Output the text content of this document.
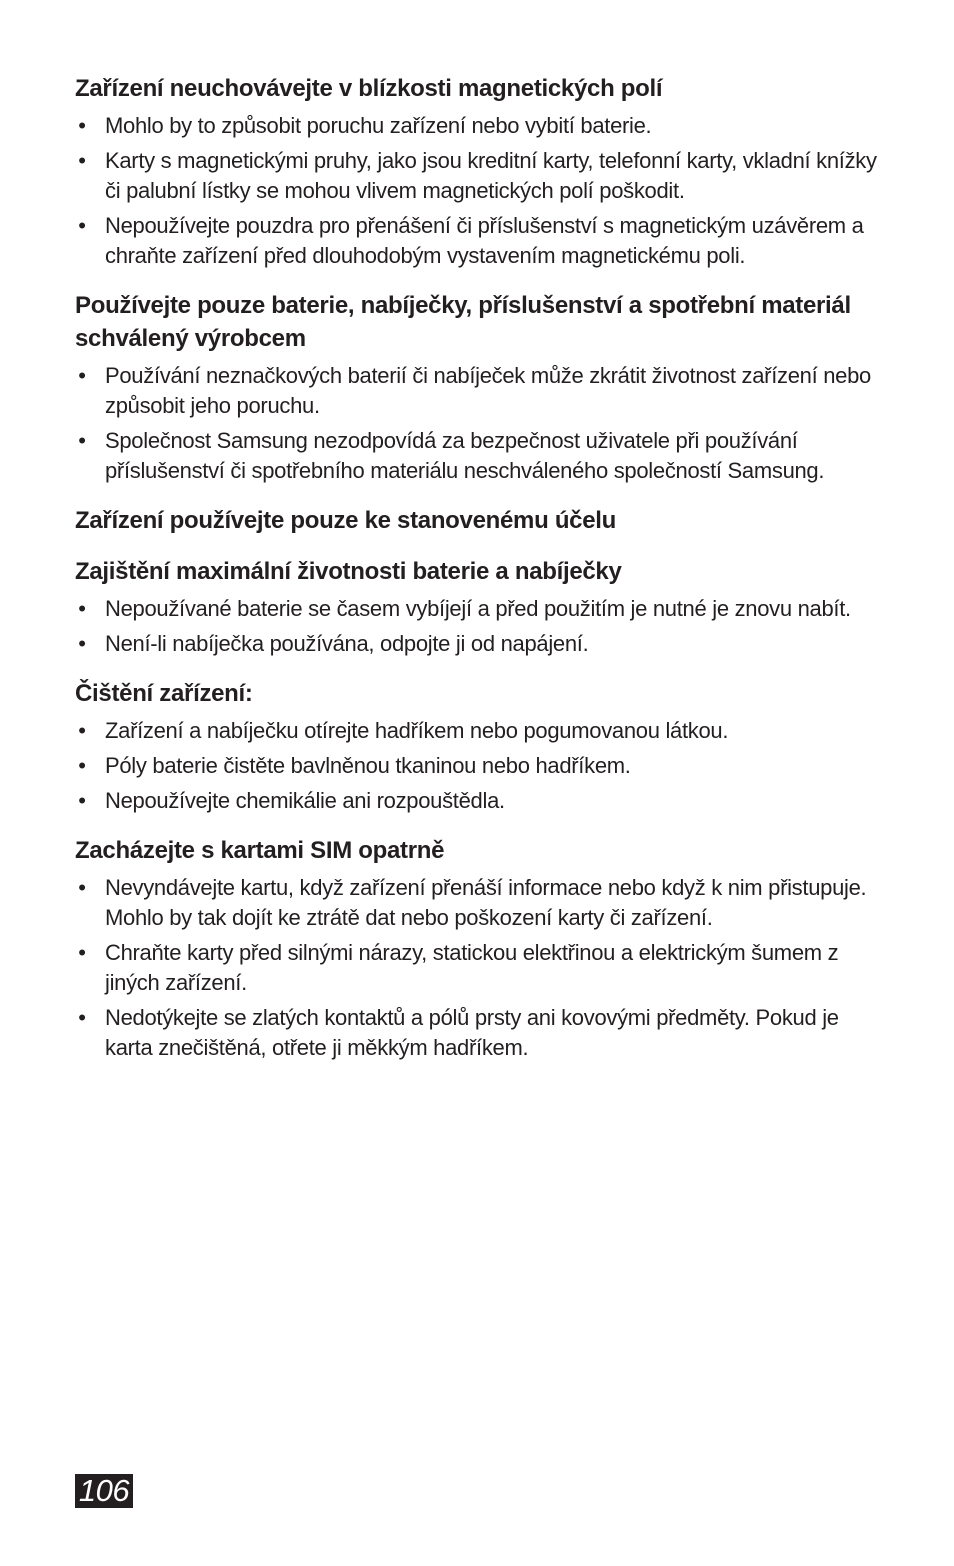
Zařízení neuchovávejte v blízkosti magnetických polí
• Mohlo by to způsobit poruchu zařízení nebo vybití baterie.
• Karty s magnetickými pruhy, jako jsou kreditní karty, telefonní karty, vkladní knížky či palubní lístky se mohou vlivem magnetických polí poškodit.
• Nepoužívejte pouzdra pro přenášení či příslušenství s magnetickým uzávěrem a chraňte zařízení před dlouhodobým vystavením magnetickému poli.
Používejte pouze baterie, nabíječky, příslušenství a spotřební materiál schválený výrobcem
• Používání neznačkových baterií či nabíječek může zkrátit životnost zařízení nebo způsobit jeho poruchu.
• Společnost Samsung nezodpovídá za bezpečnost uživatele při používání příslušenství či spotřebního materiálu neschváleného společností Samsung.
Zařízení používejte pouze ke stanovenému účelu
Zajištění maximální životnosti baterie a nabíječky
• Nepoužívané baterie se časem vybíjejí a před použitím je nutné je znovu nabít.
• Není-li nabíječka používána, odpojte ji od napájení.
Čištění zařízení:
• Zařízení a nabíječku otírejte hadříkem nebo pogumovanou látkou.
• Póly baterie čistěte bavlněnou tkaninou nebo hadříkem.
• Nepoužívejte chemikálie ani rozpouštědla.
Zacházejte s kartami SIM opatrně
• Nevyndávejte kartu, když zařízení přenáší informace nebo když k nim přistupuje. Mohlo by tak dojít ke ztrátě dat nebo poškození karty či zařízení.
• Chraňte karty před silnými nárazy, statickou elektřinou a elektrickým šumem z jiných zařízení.
• Nedotýkejte se zlatých kontaktů a pólů prsty ani kovovými předměty. Pokud je karta znečištěná, otřete ji měkkým hadříkem.
106
